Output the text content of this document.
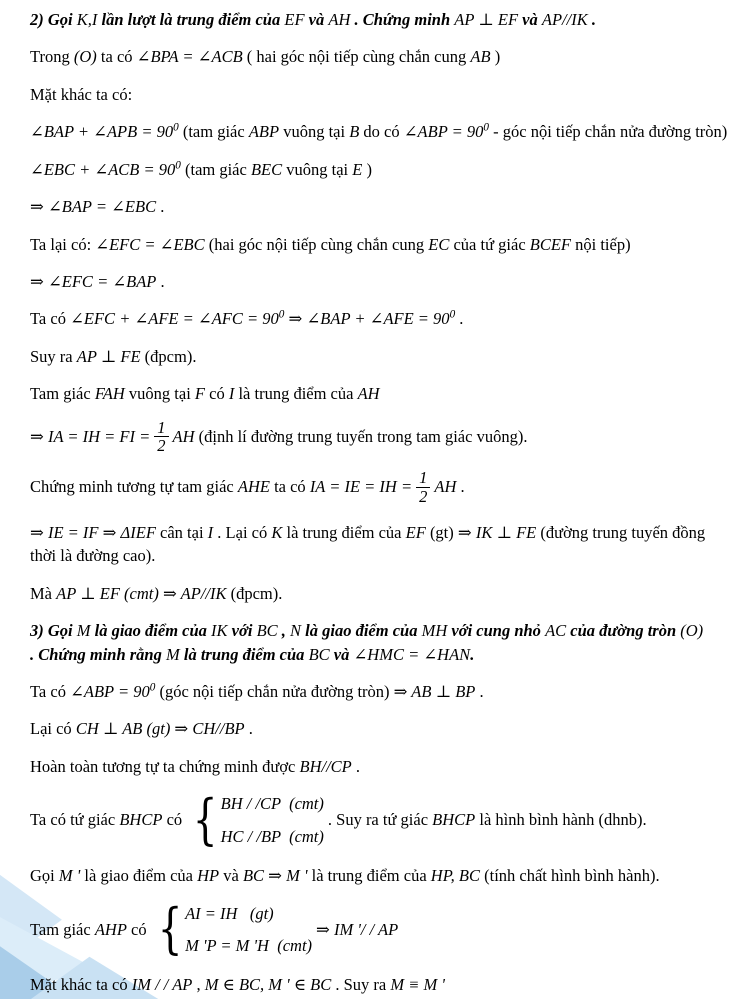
2) Gọi K,I lần lượt là trung điểm của EF và AH . Chứng minh AP ⊥ EF và AP//IK .
Trong (O) ta có ∠BPA = ∠ACB ( hai góc nội tiếp cùng chắn cung AB )
Mặt khác ta có:
∠BAP + ∠APB = $90^0$ (tam giác ABP vuông tại B do có ∠ABP = $90^0$ - góc nội tiếp chắn nửa đường tròn)
∠EBC + ∠ACB = $90^0$ (tam giác BEC vuông tại E )
⇒ ∠BAP = ∠EBC .
Ta lại có: ∠EFC = ∠EBC (hai góc nội tiếp cùng chắn cung EC của tứ giác BCEF nội tiếp)
⇒ ∠EFC = ∠BAP .
Ta có ∠EFC + ∠AFE = ∠AFC = $90^0$ ⇒ ∠BAP + ∠AFE = $90^0$ .
Suy ra AP ⊥ FE (đpcm).
Tam giác FAH vuông tại F có I là trung điểm của AH
⇒ IA = IH = FI = $\frac{1}{2}$ AH (định lí đường trung tuyến trong tam giác vuông).
Chứng minh tương tự tam giác AHE ta có IA = IE = IH = $\frac{1}{2}$ AH .
⇒ IE = IF ⇒ ΔIEF cân tại I . Lại có K là trung điểm của EF (gt) ⇒ IK ⊥ FE (đường trung tuyến đồng thời là đường cao).
Mà AP ⊥ EF (cmt) ⇒ AP//IK (đpcm).
3) Gọi M là giao điểm của IK với BC , N là giao điểm của MH với cung nhỏ AC của đường tròn (O)
. Chứng minh rằng M là trung điểm của BC và ∠HMC = ∠HAN.
Ta có ∠ABP = $90^0$ (góc nội tiếp chắn nửa đường tròn) ⇒ AB ⊥ BP .
Lại có CH ⊥ AB (gt) ⇒ CH//BP .
Hoàn toàn tương tự ta chứng minh được BH//CP .
Ta có tứ giác BHCP có { BH / /CP  (cmt)
HC / /BP  (cmt)
. Suy ra tứ giác BHCP là hình bình hành (dhnb).
Gọi M ' là giao điểm của HP và BC ⇒ M ' là trung điểm của HP, BC (tính chất hình bình hành).
Tam giác AHP có { AI = IH   (gt)
M 'P = M 'H  (cmt)
⇒ IM '/ / AP
Mặt khác ta có IM / / AP , M ∈ BC, M ' ∈ BC . Suy ra M ≡ M '
